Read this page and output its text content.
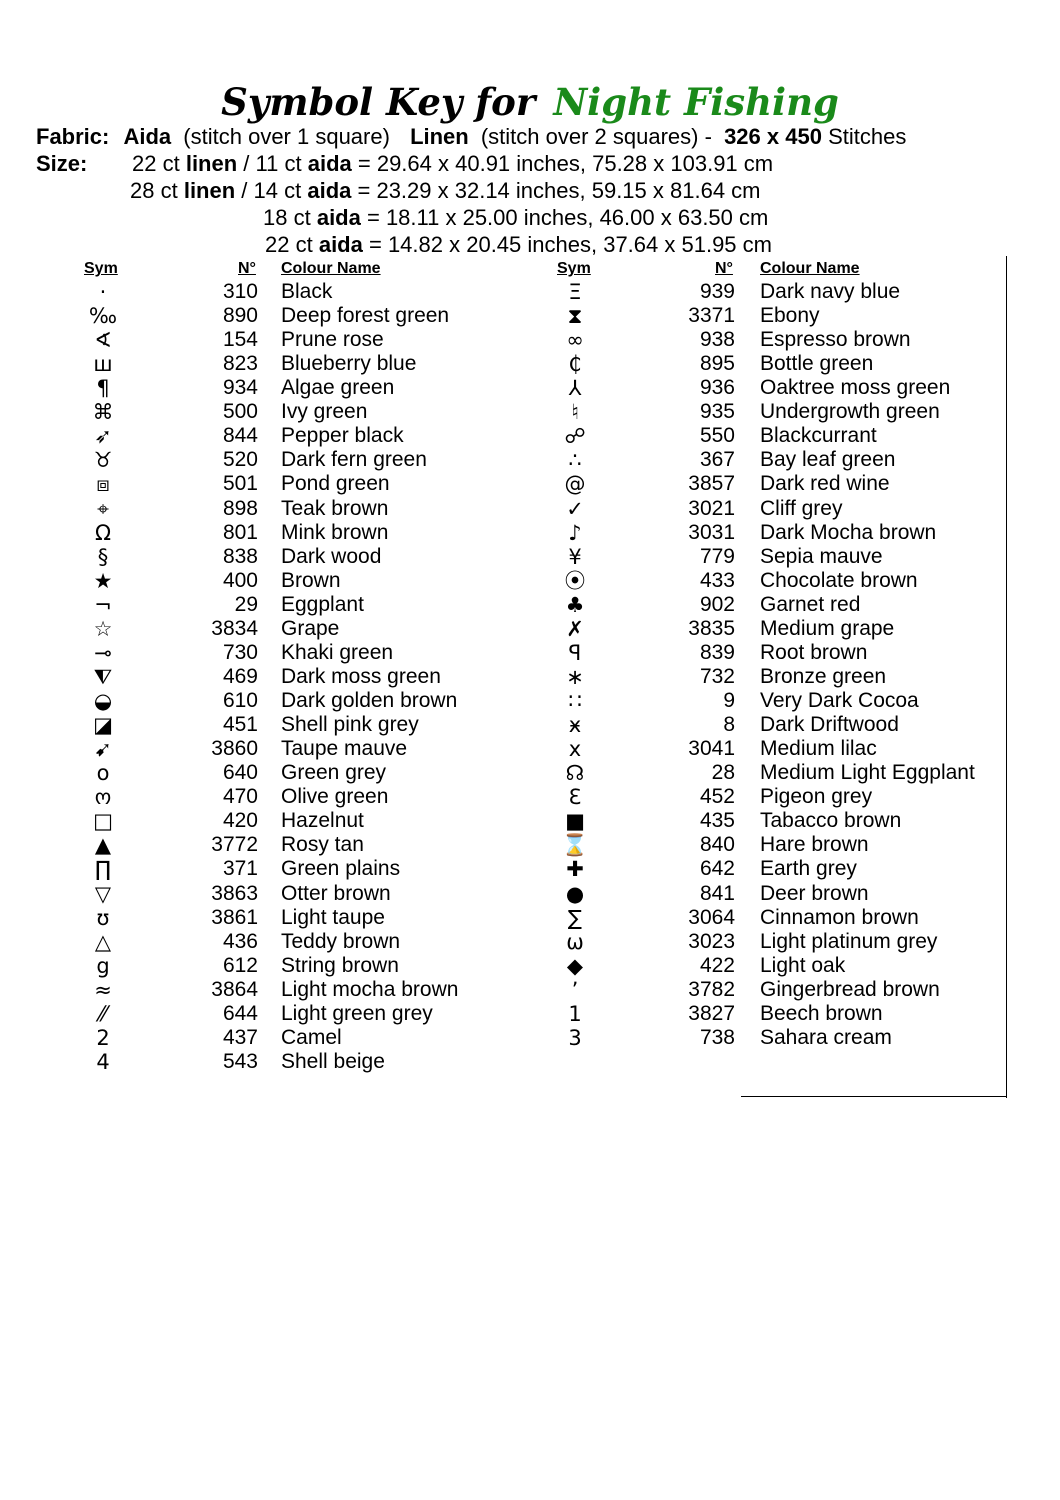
Symbol Key for Night Fishing
Fabric: Aida (stitch over 1 square) Linen (stitch over 2 squares) - 326 x 450 Stitches
Size: 22 ct linen / 11 ct aida = 29.64 x 40.91 inches, 75.28 x 103.91 cm
28 ct linen / 14 ct aida = 23.29 x 32.14 inches, 59.15 x 81.64 cm
18 ct aida = 18.11 x 25.00 inches, 46.00 x 63.50 cm
22 ct aida = 14.82 x 20.45 inches, 37.64 x 51.95 cm
Sym	N° Colour Name	Sym	N° Colour Name
·	310 Black
‰	890 Deep forest green
∢	154 Prune rose
ш	823 Blueberry blue
¶	934 Algae green
⌘	500 Ivy green
➶	844 Pepper black
♉	520 Dark fern green
⧈	501 Pond green
⌖	898 Teak brown
Ω	801 Mink brown
§	838 Dark wood
★	400 Brown
¬	29 Eggplant
☆	3834 Grape
⊸	730 Khaki green
⧨	469 Dark moss green
◒	610 Dark golden brown
◪	451 Shell pink grey
➹	3860 Taupe mauve
o	640 Green grey
ო	470 Olive green
□	420 Hazelnut
▲	3772 Rosy tan
∏	371 Green plains
▽	3863 Otter brown
ʊ	3861 Light taupe
△	436 Teddy brown
g	612 String brown
≈	3864 Light mocha brown
⁄⁄	644 Light green grey
2	437 Camel
4	543 Shell beige
Ξ	939 Dark navy blue
⧗	3371 Ebony
∞	938 Espresso brown
₵	895 Bottle green
⅄	936 Oaktree moss green
♮	935 Undergrowth green
☍	550 Blackcurrant
∴	367 Bay leaf green
@	3857 Dark red wine
✓	3021 Cliff grey
♪	3031 Dark Mocha brown
¥	779 Sepia mauve
⦿	433 Chocolate brown
♣	902 Garnet red
✗	3835 Medium grape
ꟼ	839 Root brown
∗	732 Bronze green
∷	9 Very Dark Cocoa
ӿ	8 Dark Driftwood
x	3041 Medium lilac
☊	28 Medium Light Eggplant
ℇ	452 Pigeon grey
■	435 Tabacco brown
⌛	840 Hare brown
✚	642 Earth grey
●	841 Deer brown
∑	3064 Cinnamon brown
ω	3023 Light platinum grey
◆	422 Light oak
٬	3782 Gingerbread brown
1	3827 Beech brown
3	738 Sahara cream
